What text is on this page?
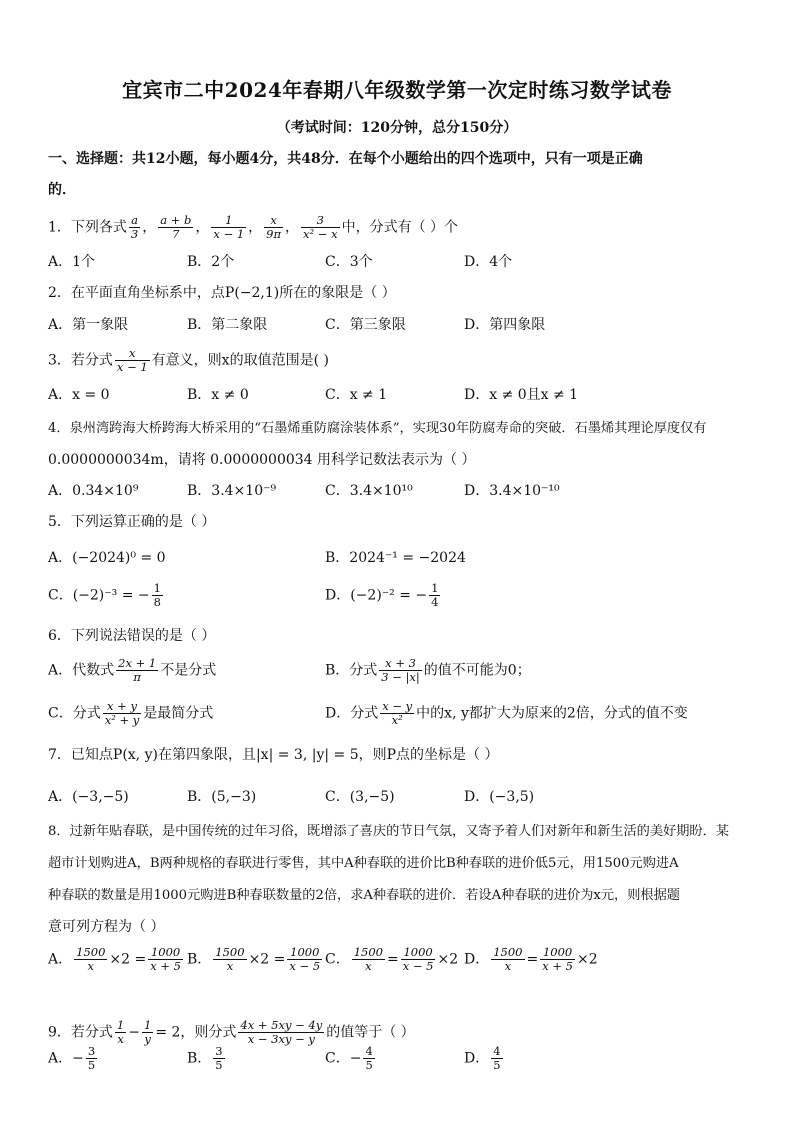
宜宾市二中2024年春期八年级数学第一次定时练习数学试卷
（考试时间：120分钟，总分150分）
一、选择题：共12小题，每小题4分，共48分．在每个小题给出的四个选项中，只有一项是正确
的．
1．下列各式 $\frac{a}{3}$ ， $\frac{a + b}{7}$ ， $\frac{1}{x - 1}$ ， $\frac{x}{9\pi}$ ， $\frac{3}{\text{x² − x}}$ 中，分式有（ ）个
A．1个	B．2个	C．3个	D．4个
2．在平面直角坐标系中，点P(−2,1)所在的象限是（ ）
A．第一象限	B．第二象限	C．第三象限	D．第四象限
3．若分式 $\frac{x}{x - 1}$ 有意义，则x的取值范围是( )
A．x = 0	B．x ≠ 0	C．x ≠ 1	D．x ≠ 0且x ≠ 1
4．泉州湾跨海大桥跨海大桥采用的“石墨烯重防腐涂装体系”，实现30年防腐寿命的突破．石墨烯其理论厚度仅有
0.0000000034m，请将 0.0000000034 用科学记数法表示为（ ）
A．0.34×10⁹	B．3.4×10⁻⁹	C．3.4×10¹⁰	D．3.4×10⁻¹⁰
5．下列运算正确的是（ ）
A．(−2024)⁰ = 0	B．2024⁻¹ = −2024
C．(−2)⁻³ = − $\frac{1}{8}$	D．(−2)⁻² = − $\frac{1}{4}$
6．下列说法错误的是（ ）
A．代数式 $\frac{2x + 1}{\pi}$ 不是分式	B．分式 $\frac{x + 3}{3 - |x|}$ 的值不可能为0；
C．分式 $\frac{x + y}{\text{x² + y}}$ 是最简分式	D．分式 $\frac{x - y}{\text{x²}}$ 中的x, y都扩大为原来的2倍，分式的值不变
7．已知点P(x, y)在第四象限，且|x| = 3, |y| = 5，则P点的坐标是（ ）
A．(−3,−5)	B．(5,−3)	C．(3,−5)	D．(−3,5)
8．过新年贴春联，是中国传统的过年习俗，既增添了喜庆的节日气氛，又寄予着人们对新年和新生活的美好期盼．某
超市计划购进A，B两种规格的春联进行零售，其中A种春联的进价比B种春联的进价低5元，用1500元购进A
种春联的数量是用1000元购进B种春联数量的2倍，求A种春联的进价．若设A种春联的进价为x元，则根据题
意可列方程为（ ）
A． $\frac{1500}{x} \times 2 = \frac{1000}{x + 5}$ B． $\frac{1500}{x} \times 2 = \frac{1000}{x - 5}$ C． $\frac{1500}{x} = \frac{1000}{x - 5} \times 2$ D． $\frac{1500}{x} = \frac{1000}{x + 5} \times 2$
9．若分式 $\frac{1}{x} - \frac{1}{y} = 2$，则分式 $\frac{4x + 5xy - 4y}{x - 3xy - y}$ 的值等于（ ）
A．− $\frac{3}{5}$	B． $\frac{3}{5}$	C．− $\frac{4}{5}$	D． $\frac{4}{5}$
